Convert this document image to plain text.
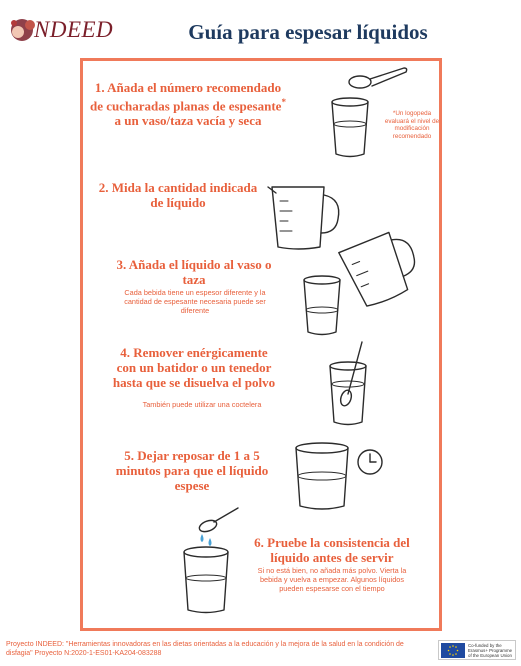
NDEED	Guía para espesar líquidos
1. Añada el número recomendado de cucharadas planas de espesante* a un vaso/taza vacía y seca	*Un logopeda evaluará el nivel de modificación recomendado
2. Mida la cantidad indicada de líquido
3. Añada el líquido al vaso o taza
Cada bebida tiene un espesor diferente y la cantidad de espesante necesaria puede ser diferente
4. Remover enérgicamente con un batidor o un tenedor hasta que se disuelva el polvo
También puede utilizar una coctelera
5. Dejar reposar de 1 a 5 minutos para que el líquido espese
6. Pruebe la consistencia del líquido antes de servir
Si no está bien, no añada más polvo. Vierta la bebida y vuelva a empezar. Algunos líquidos pueden espesarse con el tiempo
Proyecto INDEED: "Herramientas innovadoras en las dietas orientadas a la educación y la mejora de la salud en la condición de disfagia" Proyecto N:2020-1-ES01-KA204-083288
Co-funded by the Erasmus+ Programme of the European Union
